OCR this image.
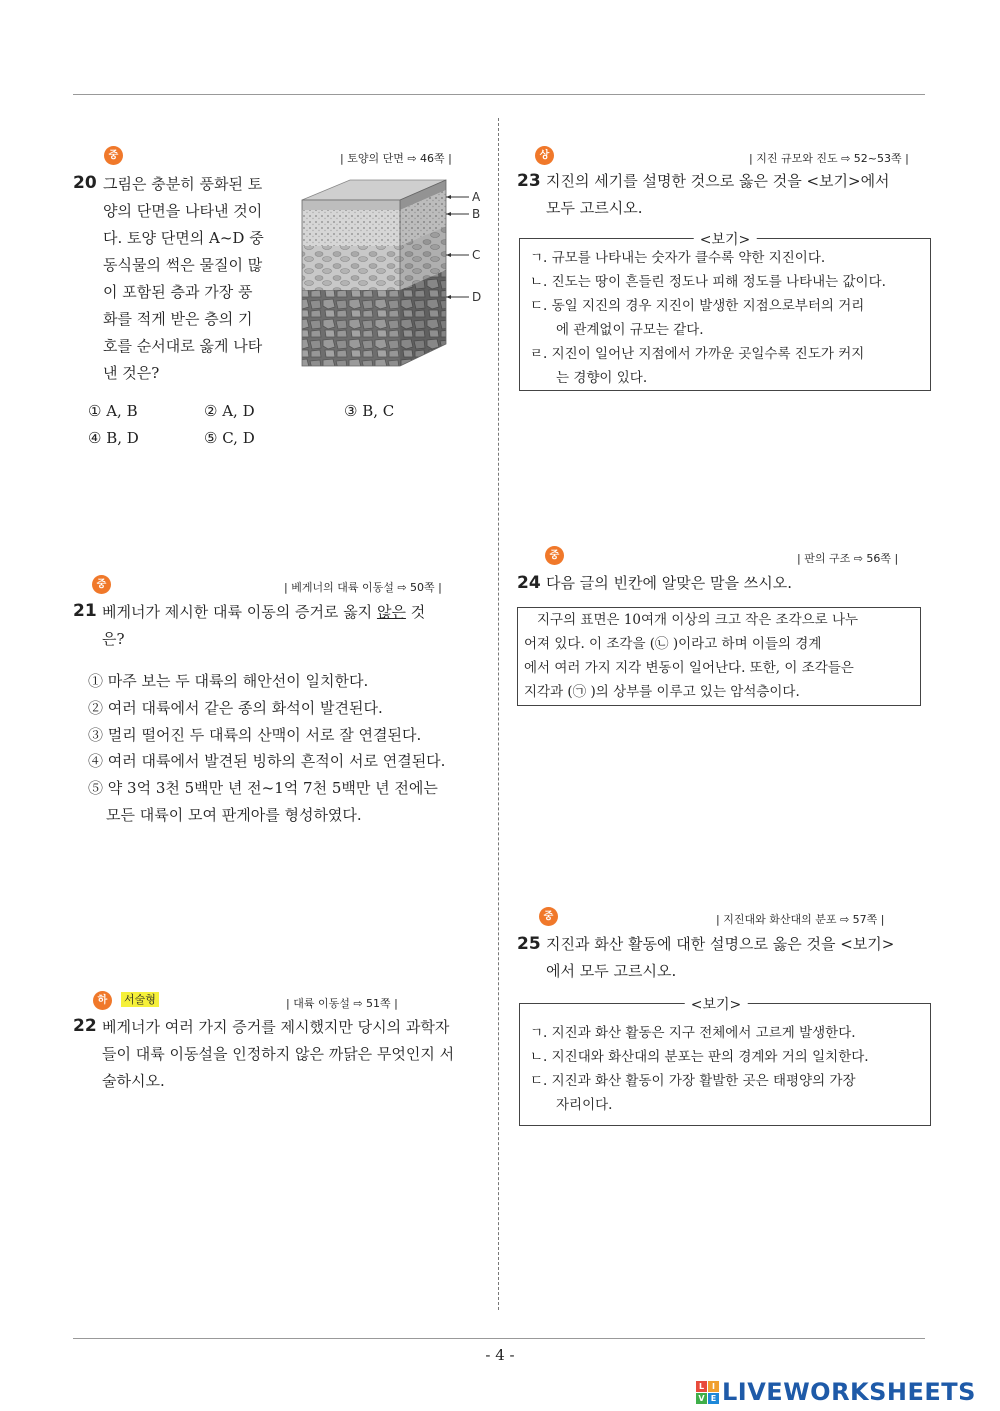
중	| 토양의 단면 ⇨ 46쪽 |
20 그림은 충분히 풍화된 토
양의 단면을 나타낸 것이
다. 토양 단면의 A~D 중
동식물의 썩은 물질이 많
이 포함된 층과 가장 풍
화를 적게 받은 층의 기
호를 순서대로 옳게 나타
낸 것은?
A
B
C
D
① A, B	② A, D	③ B, C
④ B, D	⑤ C, D
중	| 베게너의 대륙 이동설 ⇨ 50쪽 |
21 베게너가 제시한 대륙 이동의 증거로 옳지 않은 것
은?
① 마주 보는 두 대륙의 해안선이 일치한다.
② 여러 대륙에서 같은 종의 화석이 발견된다.
③ 멀리 떨어진 두 대륙의 산맥이 서로 잘 연결된다.
④ 여러 대륙에서 발견된 빙하의 흔적이 서로 연결된다.
⑤ 약 3억 3천 5백만 년 전~1억 7천 5백만 년 전에는
모든 대륙이 모여 판게아를 형성하였다.
하	서술형	| 대륙 이동설 ⇨ 51쪽 |
22 베게너가 여러 가지 증거를 제시했지만 당시의 과학자
들이 대륙 이동설을 인정하지 않은 까닭은 무엇인지 서
술하시오.
상	| 지진 규모와 진도 ⇨ 52~53쪽 |
23 지진의 세기를 설명한 것으로 옳은 것을 <보기>에서
모두 고르시오.
<보기>
ㄱ. 규모를 나타내는 숫자가 클수록 약한 지진이다.
ㄴ. 진도는 땅이 흔들린 정도나 피해 정도를 나타내는 값이다.
ㄷ. 동일 지진의 경우 지진이 발생한 지점으로부터의 거리
에 관계없이 규모는 같다.
ㄹ. 지진이 일어난 지점에서 가까운 곳일수록 진도가 커지
는 경향이 있다.
중	| 판의 구조 ⇨ 56쪽 |
24 다음 글의 빈칸에 알맞은 말을 쓰시오.
지구의 표면은 10여개 이상의 크고 작은 조각으로 나누
어져 있다. 이 조각을 (㉡ )이라고 하며 이들의 경계
에서 여러 가지 지각 변동이 일어난다. 또한, 이 조각들은
지각과 (㉠ )의 상부를 이루고 있는 암석층이다.
중	| 지진대와 화산대의 분포 ⇨ 57쪽 |
25 지진과 화산 활동에 대한 설명으로 옳은 것을 <보기>
에서 모두 고르시오.
<보기>
ㄱ. 지진과 화산 활동은 지구 전체에서 고르게 발생한다.
ㄴ. 지진대와 화산대의 분포는 판의 경계와 거의 일치한다.
ㄷ. 지진과 화산 활동이 가장 활발한 곳은 태평양의 가장
자리이다.
- 4 -
L I
V E LIVEWORKSHEETS
